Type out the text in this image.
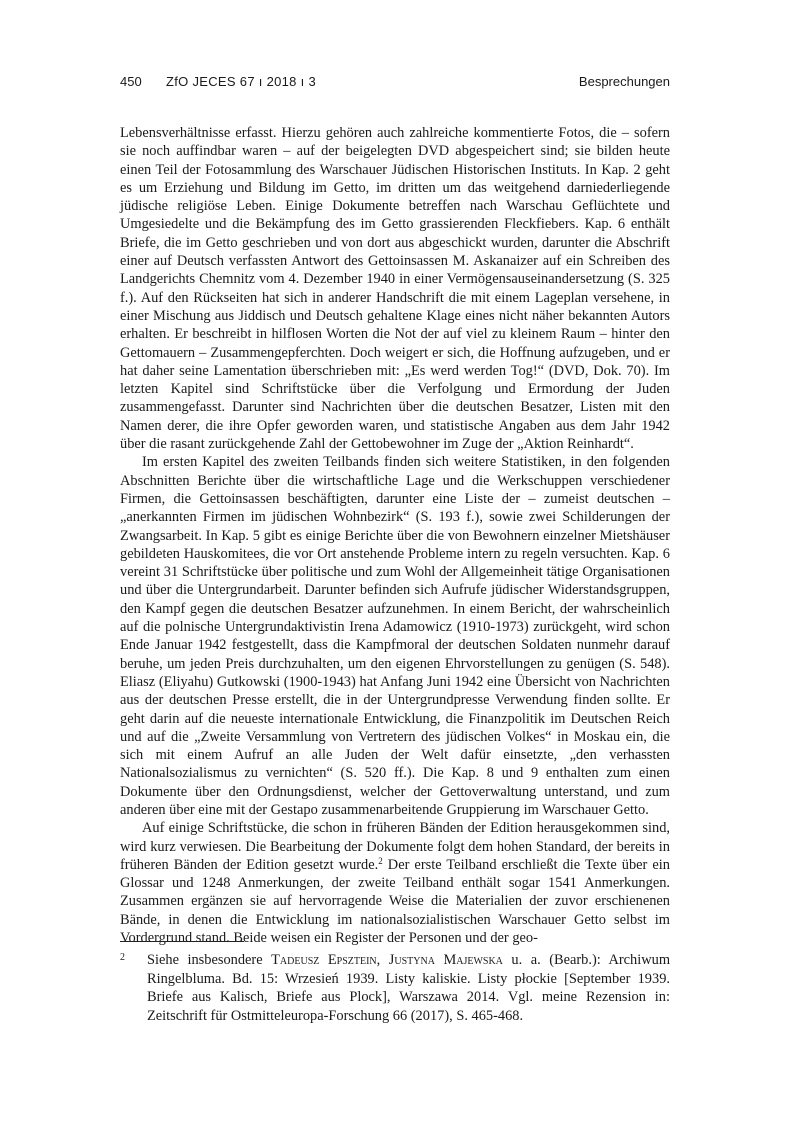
450 ZfO JECES 67 ı 2018 ı 3	Besprechungen

Lebensverhältnisse erfasst. Hierzu gehören auch zahlreiche kommentierte Fotos, die – sofern sie noch auffindbar waren – auf der beigelegten DVD abgespeichert sind; sie bilden heute einen Teil der Fotosammlung des Warschauer Jüdischen Historischen Instituts. In Kap. 2 geht es um Erziehung und Bildung im Getto, im dritten um das weitgehend darniederliegende jüdische religiöse Leben. Einige Dokumente betreffen nach Warschau Geflüchtete und Umgesiedelte und die Bekämpfung des im Getto grassierenden Fleckfiebers. Kap. 6 enthält Briefe, die im Getto geschrieben und von dort aus abgeschickt wurden, darunter die Abschrift einer auf Deutsch verfassten Antwort des Gettoinsassen M. Askanaizer auf ein Schreiben des Landgerichts Chemnitz vom 4. Dezember 1940 in einer Vermögensauseinandersetzung (S. 325 f.). Auf den Rückseiten hat sich in anderer Handschrift die mit einem Lageplan versehene, in einer Mischung aus Jiddisch und Deutsch gehaltene Klage eines nicht näher bekannten Autors erhalten. Er beschreibt in hilflosen Worten die Not der auf viel zu kleinem Raum – hinter den Gettomauern – Zusammengepferchten. Doch weigert er sich, die Hoffnung aufzugeben, und er hat daher seine Lamentation überschrieben mit: „Es werd werden Tog!“ (DVD, Dok. 70). Im letzten Kapitel sind Schriftstücke über die Verfolgung und Ermordung der Juden zusammengefasst. Darunter sind Nachrichten über die deutschen Besatzer, Listen mit den Namen derer, die ihre Opfer geworden waren, und statistische Angaben aus dem Jahr 1942 über die rasant zurückgehende Zahl der Gettobewohner im Zuge der „Aktion Reinhardt“.

Im ersten Kapitel des zweiten Teilbands finden sich weitere Statistiken, in den folgenden Abschnitten Berichte über die wirtschaftliche Lage und die Werkschuppen verschiedener Firmen, die Gettoinsassen beschäftigten, darunter eine Liste der – zumeist deutschen – „anerkannten Firmen im jüdischen Wohnbezirk“ (S. 193 f.), sowie zwei Schilderungen der Zwangsarbeit. In Kap. 5 gibt es einige Berichte über die von Bewohnern einzelner Mietshäuser gebildeten Hauskomitees, die vor Ort anstehende Probleme intern zu regeln versuchten. Kap. 6 vereint 31 Schriftstücke über politische und zum Wohl der Allgemeinheit tätige Organisationen und über die Untergrundarbeit. Darunter befinden sich Aufrufe jüdischer Widerstandsgruppen, den Kampf gegen die deutschen Besatzer aufzunehmen. In einem Bericht, der wahrscheinlich auf die polnische Untergrundaktivistin Irena Adamowicz (1910-1973) zurückgeht, wird schon Ende Januar 1942 festgestellt, dass die Kampfmoral der deutschen Soldaten nunmehr darauf beruhe, um jeden Preis durchzuhalten, um den eigenen Ehrvorstellungen zu genügen (S. 548). Eliasz (Eliyahu) Gutkowski (1900-1943) hat Anfang Juni 1942 eine Übersicht von Nachrichten aus der deutschen Presse erstellt, die in der Untergrundpresse Verwendung finden sollte. Er geht darin auf die neueste internationale Entwicklung, die Finanzpolitik im Deutschen Reich und auf die „Zweite Versammlung von Vertretern des jüdischen Volkes“ in Moskau ein, die sich mit einem Aufruf an alle Juden der Welt dafür einsetzte, „den verhassten Nationalsozialismus zu vernichten“ (S. 520 ff.). Die Kap. 8 und 9 enthalten zum einen Dokumente über den Ordnungsdienst, welcher der Gettoverwaltung unterstand, und zum anderen über eine mit der Gestapo zusammenarbeitende Gruppierung im Warschauer Getto.

Auf einige Schriftstücke, die schon in früheren Bänden der Edition herausgekommen sind, wird kurz verwiesen. Die Bearbeitung der Dokumente folgt dem hohen Standard, der bereits in früheren Bänden der Edition gesetzt wurde.$^2$ Der erste Teilband erschließt die Texte über ein Glossar und 1248 Anmerkungen, der zweite Teilband enthält sogar 1541 Anmerkungen. Zusammen ergänzen sie auf hervorragende Weise die Materialien der zuvor erschienenen Bände, in denen die Entwicklung im nationalsozialistischen Warschauer Getto selbst im Vordergrund stand. Beide weisen ein Register der Personen und der geo-

2 Siehe insbesondere Tadeusz Epsztein, Justyna Majewska u. a. (Bearb.): Archiwum Ringelbluma. Bd. 15: Wrzesień 1939. Listy kaliskie. Listy płockie [September 1939. Briefe aus Kalisch, Briefe aus Plock], Warszawa 2014. Vgl. meine Rezension in: Zeitschrift für Ostmitteleuropa-Forschung 66 (2017), S. 465-468.
